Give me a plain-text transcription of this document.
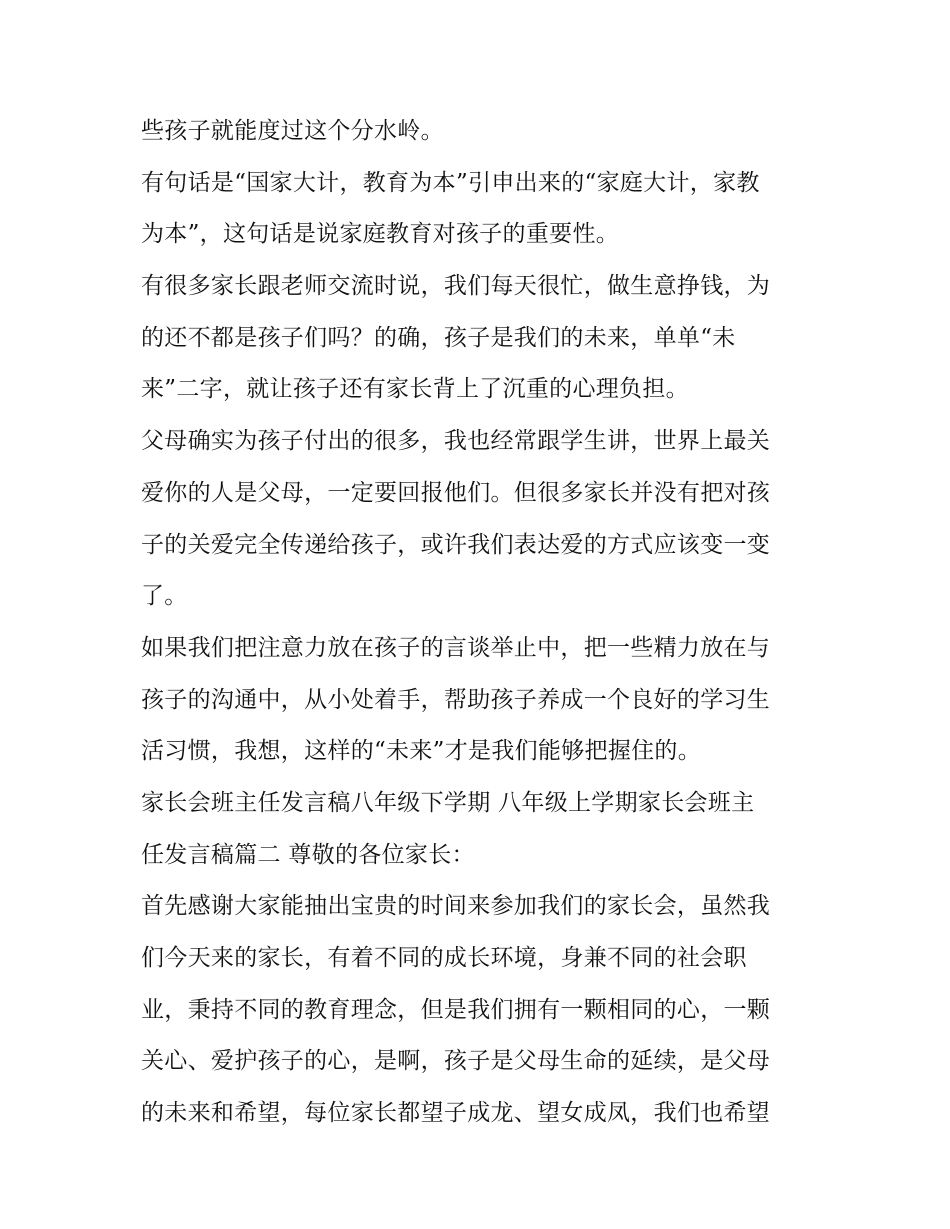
些孩子就能度过这个分水岭。
有句话是“国家大计，教育为本”引申出来的“家庭大计，家教
为本”，这句话是说家庭教育对孩子的重要性。
有很多家长跟老师交流时说，我们每天很忙，做生意挣钱，为
的还不都是孩子们吗？的确，孩子是我们的未来，单单“未
来”二字，就让孩子还有家长背上了沉重的心理负担。
父母确实为孩子付出的很多，我也经常跟学生讲，世界上最关
爱你的人是父母，一定要回报他们。但很多家长并没有把对孩
子的关爱完全传递给孩子，或许我们表达爱的方式应该变一变
了。
如果我们把注意力放在孩子的言谈举止中，把一些精力放在与
孩子的沟通中，从小处着手，帮助孩子养成一个良好的学习生
活习惯，我想，这样的“未来”才是我们能够把握住的。
家长会班主任发言稿八年级下学期 八年级上学期家长会班主
任发言稿篇二 尊敬的各位家长：
首先感谢大家能抽出宝贵的时间来参加我们的家长会，虽然我
们今天来的家长，有着不同的成长环境，身兼不同的社会职
业，秉持不同的教育理念，但是我们拥有一颗相同的心，一颗
关心、爱护孩子的心，是啊，孩子是父母生命的延续，是父母
的未来和希望，每位家长都望子成龙、望女成凤，我们也希望
